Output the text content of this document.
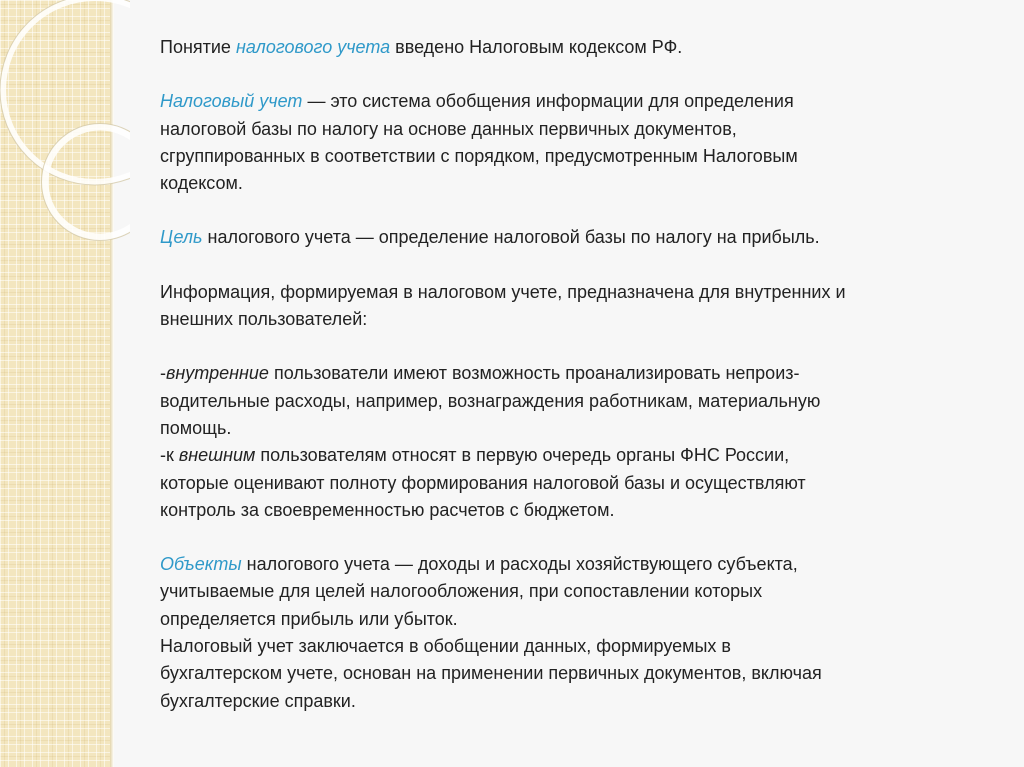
Понятие налогового учета введено Налоговым кодексом РФ.

Налоговый учет — это система обобщения информации для определения
налоговой базы по налогу на основе данных первичных документов,
сгруппированных в соответствии с порядком, предусмотренным Налоговым
кодексом.

Цель налогового учета — определение налоговой базы по налогу на прибыль.

Информация, формируемая в налоговом учете, предназначена для внутренних и
внешних пользователей:

-внутренние пользователи имеют возможность проанализировать непроиз-
водительные расходы, например, вознаграждения работникам, материальную
помощь.

-к внешним пользователям относят в первую очередь органы ФНС России,
которые оценивают полноту формирования налоговой базы и осуществляют
контроль за своевременностью расчетов с бюджетом.

Объекты налогового учета — доходы и расходы хозяйствующего субъекта,
учитываемые для целей налогообложения, при сопоставлении которых
определяется прибыль или убыток.

Налоговый учет заключается в обобщении данных, формируемых в
бухгалтерском учете, основан на применении первичных документов, включая
бухгалтерские справки.
